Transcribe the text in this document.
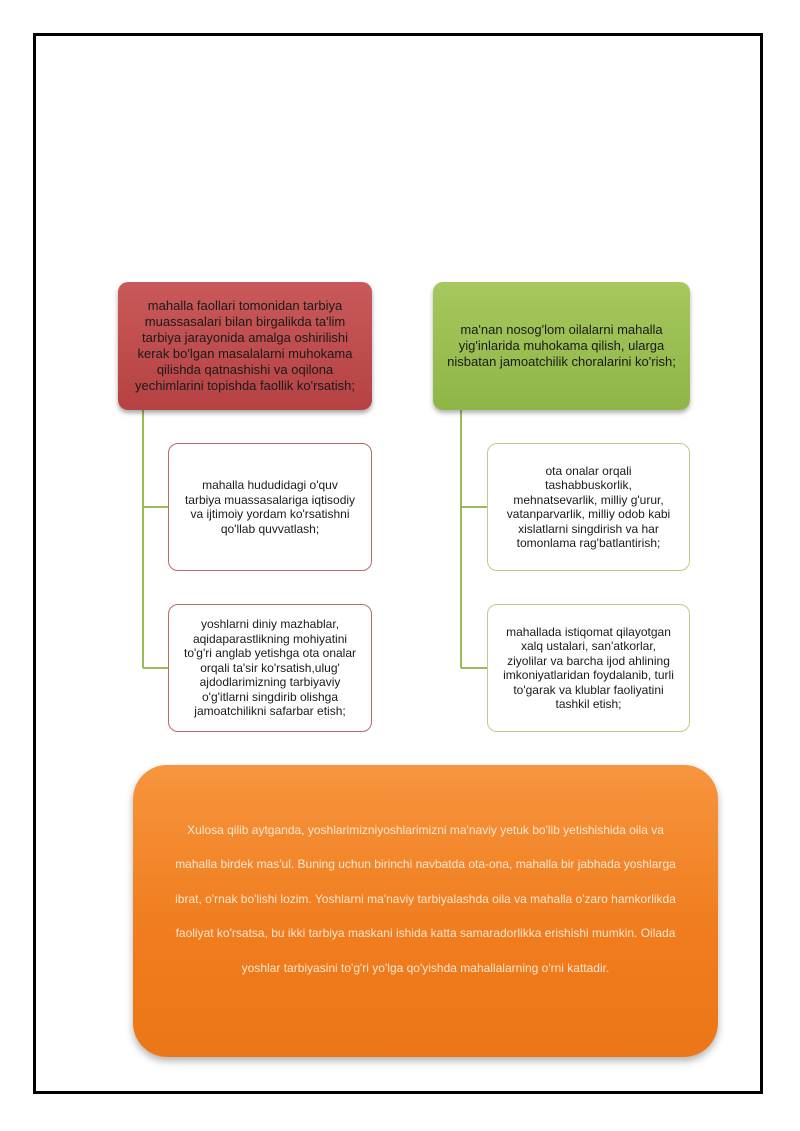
mahalla faollari tomonidan tarbiya muassasalari bilan birgalikda ta'lim tarbiya jarayonida amalga oshirilishi kerak bo'lgan masalalarni muhokama qilishda qatnashishi va oqilona yechimlarini topishda faollik ko'rsatish;
ma'nan nosog'lom oilalarni mahalla yig'inlarida muhokama qilish, ularga nisbatan jamoatchilik choralarini ko'rish;
mahalla hududidagi o'quv tarbiya muassasalariga iqtisodiy va ijtimoiy yordam ko'rsatishni qo'llab quvvatlash;
yoshlarni diniy mazhablar, aqidaparastlikning mohiyatini to'g'ri anglab yetishga ota onalar orqali ta'sir ko'rsatish,ulug' ajdodlarimizning tarbiyaviy o'g'itlarni singdirib olishga jamoatchilikni safarbar etish;
ota onalar orqali tashabbuskorlik, mehnatsevarlik, milliy g'urur, vatanparvarlik, milliy odob kabi xislatlarni singdirish va har tomonlama rag'batlantirish;
mahallada istiqomat qilayotgan xalq ustalari, san'atkorlar, ziyolilar va barcha ijod ahlining imkoniyatlaridan foydalanib, turli to'garak va klublar faoliyatini tashkil etish;
Xulosa qilib aytganda, yoshlarimizniyoshlarimizni ma'naviy yetuk bo'lib yetishishida oila va mahalla birdek mas'ul. Buning uchun birinchi navbatda ota-ona, mahalla bir jabhada yoshlarga ibrat, o'rnak bo'lishi lozim. Yoshlarni ma'naviy tarbiyalashda oila va mahalla o'zaro hamkorlikda faoliyat ko'rsatsa, bu ikki tarbiya maskani ishida katta samaradorlikka erishishi mumkin. Oilada yoshlar tarbiyasini to'g'ri yo'lga qo'yishda mahallalarning o'rni kattadir.
